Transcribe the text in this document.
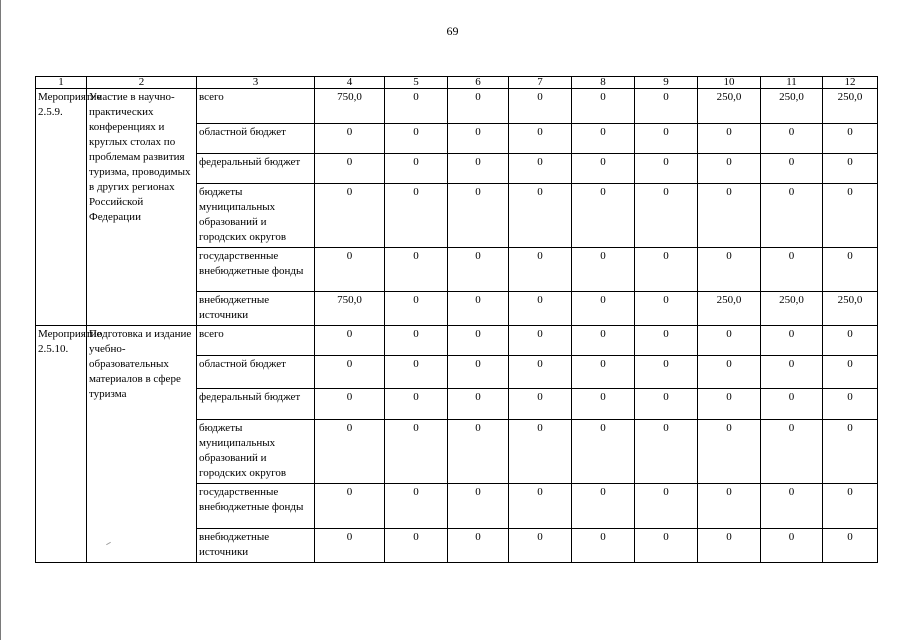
69
1	2	3	4	5	6	7	8	9	10	11	12
Мероприятие 2.5.9.	Участие в научно-практических конференциях и круглых столах по проблемам развития туризма, проводимых в других регионах Российской Федерации	всего	750,0	0	0	0	0	0	250,0	250,0	250,0
		областной бюджет	0	0	0	0	0	0	0	0	0
		федеральный бюджет	0	0	0	0	0	0	0	0	0
		бюджеты муниципальных образований и городских округов	0	0	0	0	0	0	0	0	0
		государственные внебюджетные фонды	0	0	0	0	0	0	0	0	0
		внебюджетные источники	750,0	0	0	0	0	0	250,0	250,0	250,0
Мероприятие 2.5.10.	Подготовка и издание учебно-образовательных материалов в сфере туризма	всего	0	0	0	0	0	0	0	0	0
		областной бюджет	0	0	0	0	0	0	0	0	0
		федеральный бюджет	0	0	0	0	0	0	0	0	0
		бюджеты муниципальных образований и городских округов	0	0	0	0	0	0	0	0	0
		государственные внебюджетные фонды	0	0	0	0	0	0	0	0	0
		внебюджетные источники	0	0	0	0	0	0	0	0	0
